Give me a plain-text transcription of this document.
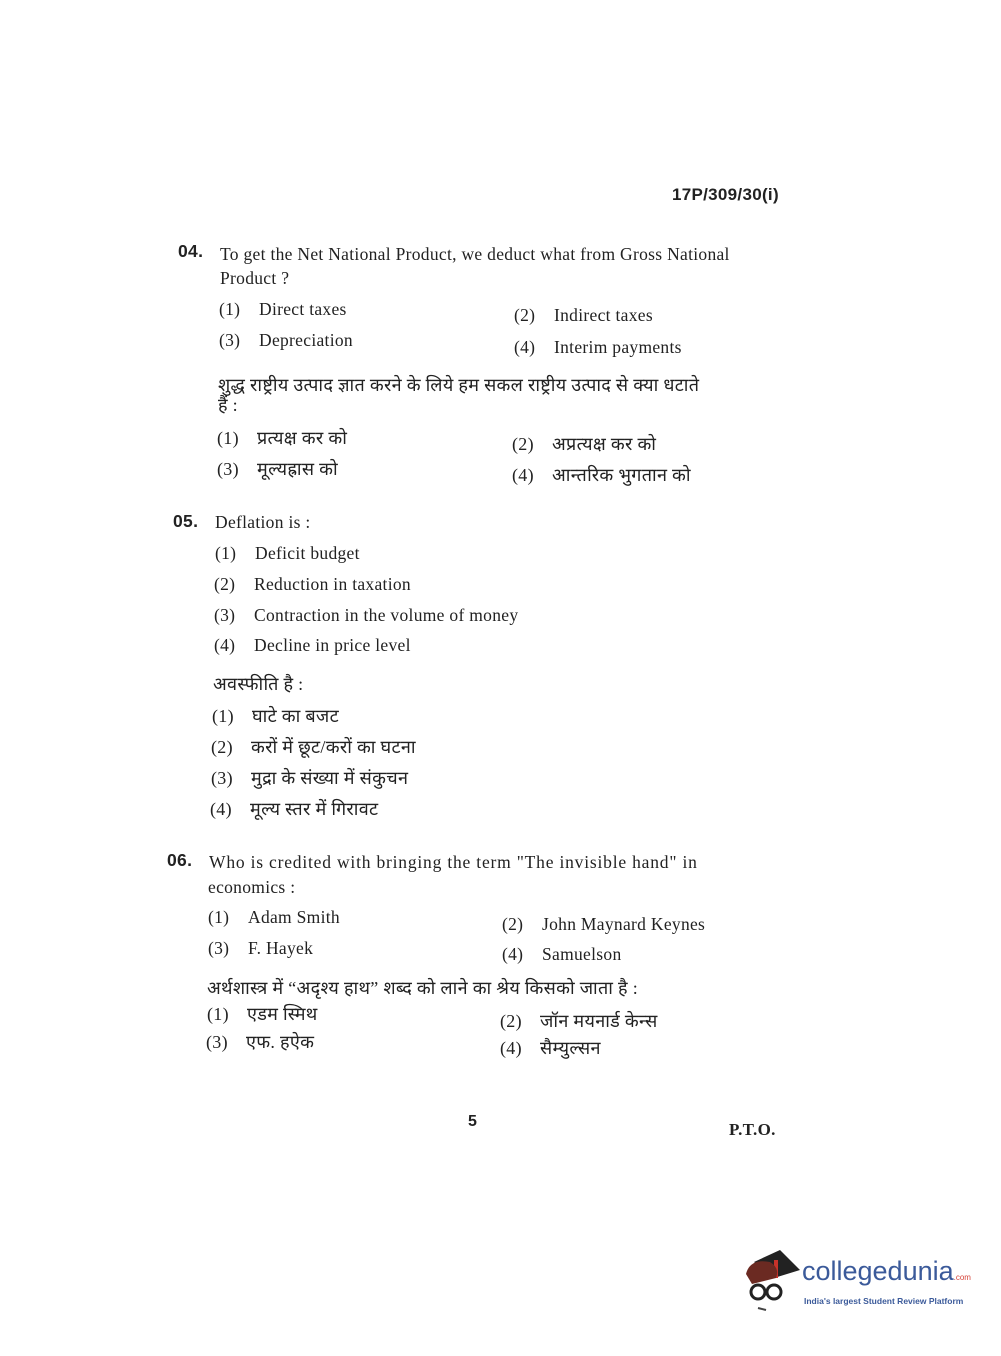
17P/309/30(i)
04. To get the Net National Product, we deduct what from Gross National
Product ?
(1) Direct taxes	(2) Indirect taxes
(3) Depreciation	(4) Interim payments
शुद्ध राष्ट्रीय उत्पाद ज्ञात करने के लिये हम सकल राष्ट्रीय उत्पाद से क्या धटाते
हैं :
(1) प्रत्यक्ष कर को	(2) अप्रत्यक्ष कर को
(3) मूल्यह्रास को	(4) आन्तरिक भुगतान को
05. Deflation is :
(1) Deficit budget
(2) Reduction in taxation
(3) Contraction in the volume of money
(4) Decline in price level
अवस्फीति है :
(1) घाटे का बजट
(2) करों में छूट/करों का घटना
(3) मुद्रा के संख्या में संकुचन
(4) मूल्य स्तर में गिरावट
06. Who is credited with bringing the term "The invisible hand" in
economics :
(1) Adam Smith	(2) John Maynard Keynes
(3) F. Hayek	(4) Samuelson
अर्थशास्त्र में “अदृश्य हाथ” शब्द को लाने का श्रेय किसको जाता है :
(1) एडम स्मिथ	(2) जॉन मयनार्ड केन्स
(3) एफ. हऐक	(4) सैम्युल्सन
5	P.T.O.
collegedunia.com
India's largest Student Review Platform
